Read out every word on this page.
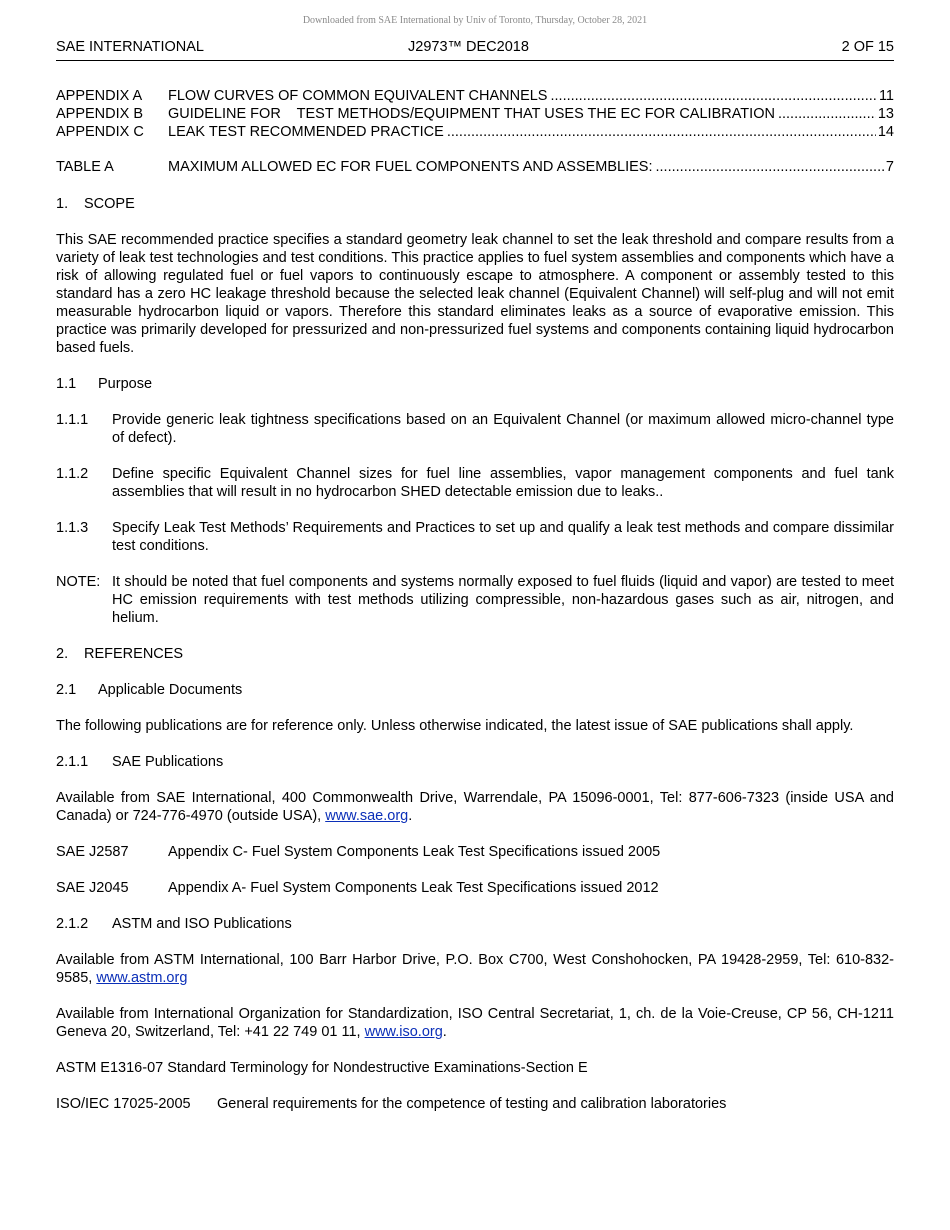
Downloaded from SAE International by Univ of Toronto, Thursday, October 28, 2021
SAE INTERNATIONAL	J2973™ DEC2018	2 OF 15
APPENDIX A	FLOW CURVES OF COMMON EQUIVALENT CHANNELS .....	11
APPENDIX B	GUIDELINE FOR    TEST METHODS/EQUIPMENT THAT USES THE EC FOR CALIBRATION .....	13
APPENDIX C	LEAK TEST RECOMMENDED PRACTICE .....	14
TABLE A	MAXIMUM ALLOWED EC FOR FUEL COMPONENTS AND ASSEMBLIES: .....	7
1.	SCOPE

This SAE recommended practice specifies a standard geometry leak channel to set the leak threshold and compare results from a variety of leak test technologies and test conditions. This practice applies to fuel system assemblies and components which have a risk of allowing regulated fuel or fuel vapors to continuously escape to atmosphere. A component or assembly tested to this standard has a zero HC leakage threshold because the selected leak channel (Equivalent Channel) will self-plug and will not emit measurable hydrocarbon liquid or vapors. Therefore this standard eliminates leaks as a source of evaporative emission. This practice was primarily developed for pressurized and non-pressurized fuel systems and components containing liquid hydrocarbon based fuels.

1.1	Purpose
1.1.1	Provide generic leak tightness specifications based on an Equivalent Channel (or maximum allowed micro-channel type of defect).
1.1.2	Define specific Equivalent Channel sizes for fuel line assemblies, vapor management components and fuel tank assemblies that will result in no hydrocarbon SHED detectable emission due to leaks..
1.1.3	Specify Leak Test Methods’ Requirements and Practices to set up and qualify a leak test methods and compare dissimilar test conditions.
NOTE: It should be noted that fuel components and systems normally exposed to fuel fluids (liquid and vapor) are tested to meet HC emission requirements with test methods utilizing compressible, non-hazardous gases such as air, nitrogen, and helium.
2.	REFERENCES
2.1	Applicable Documents

The following publications are for reference only. Unless otherwise indicated, the latest issue of SAE publications shall apply.

2.1.1	SAE Publications

Available from SAE International, 400 Commonwealth Drive, Warrendale, PA 15096-0001, Tel: 877-606-7323 (inside USA and Canada) or 724-776-4970 (outside USA), www.sae.org.

SAE J2587	Appendix C- Fuel System Components Leak Test Specifications issued 2005
SAE J2045	Appendix A- Fuel System Components Leak Test Specifications issued 2012
2.1.2	ASTM and ISO Publications

Available from ASTM International, 100 Barr Harbor Drive, P.O. Box C700, West Conshohocken, PA 19428-2959, Tel: 610-832-9585, www.astm.org

Available from International Organization for Standardization, ISO Central Secretariat, 1, ch. de la Voie-Creuse, CP 56, CH-1211 Geneva 20, Switzerland, Tel: +41 22 749 01 11, www.iso.org.

ASTM E1316-07 Standard Terminology for Nondestructive Examinations-Section E

ISO/IEC 17025-2005	General requirements for the competence of testing and calibration laboratories
